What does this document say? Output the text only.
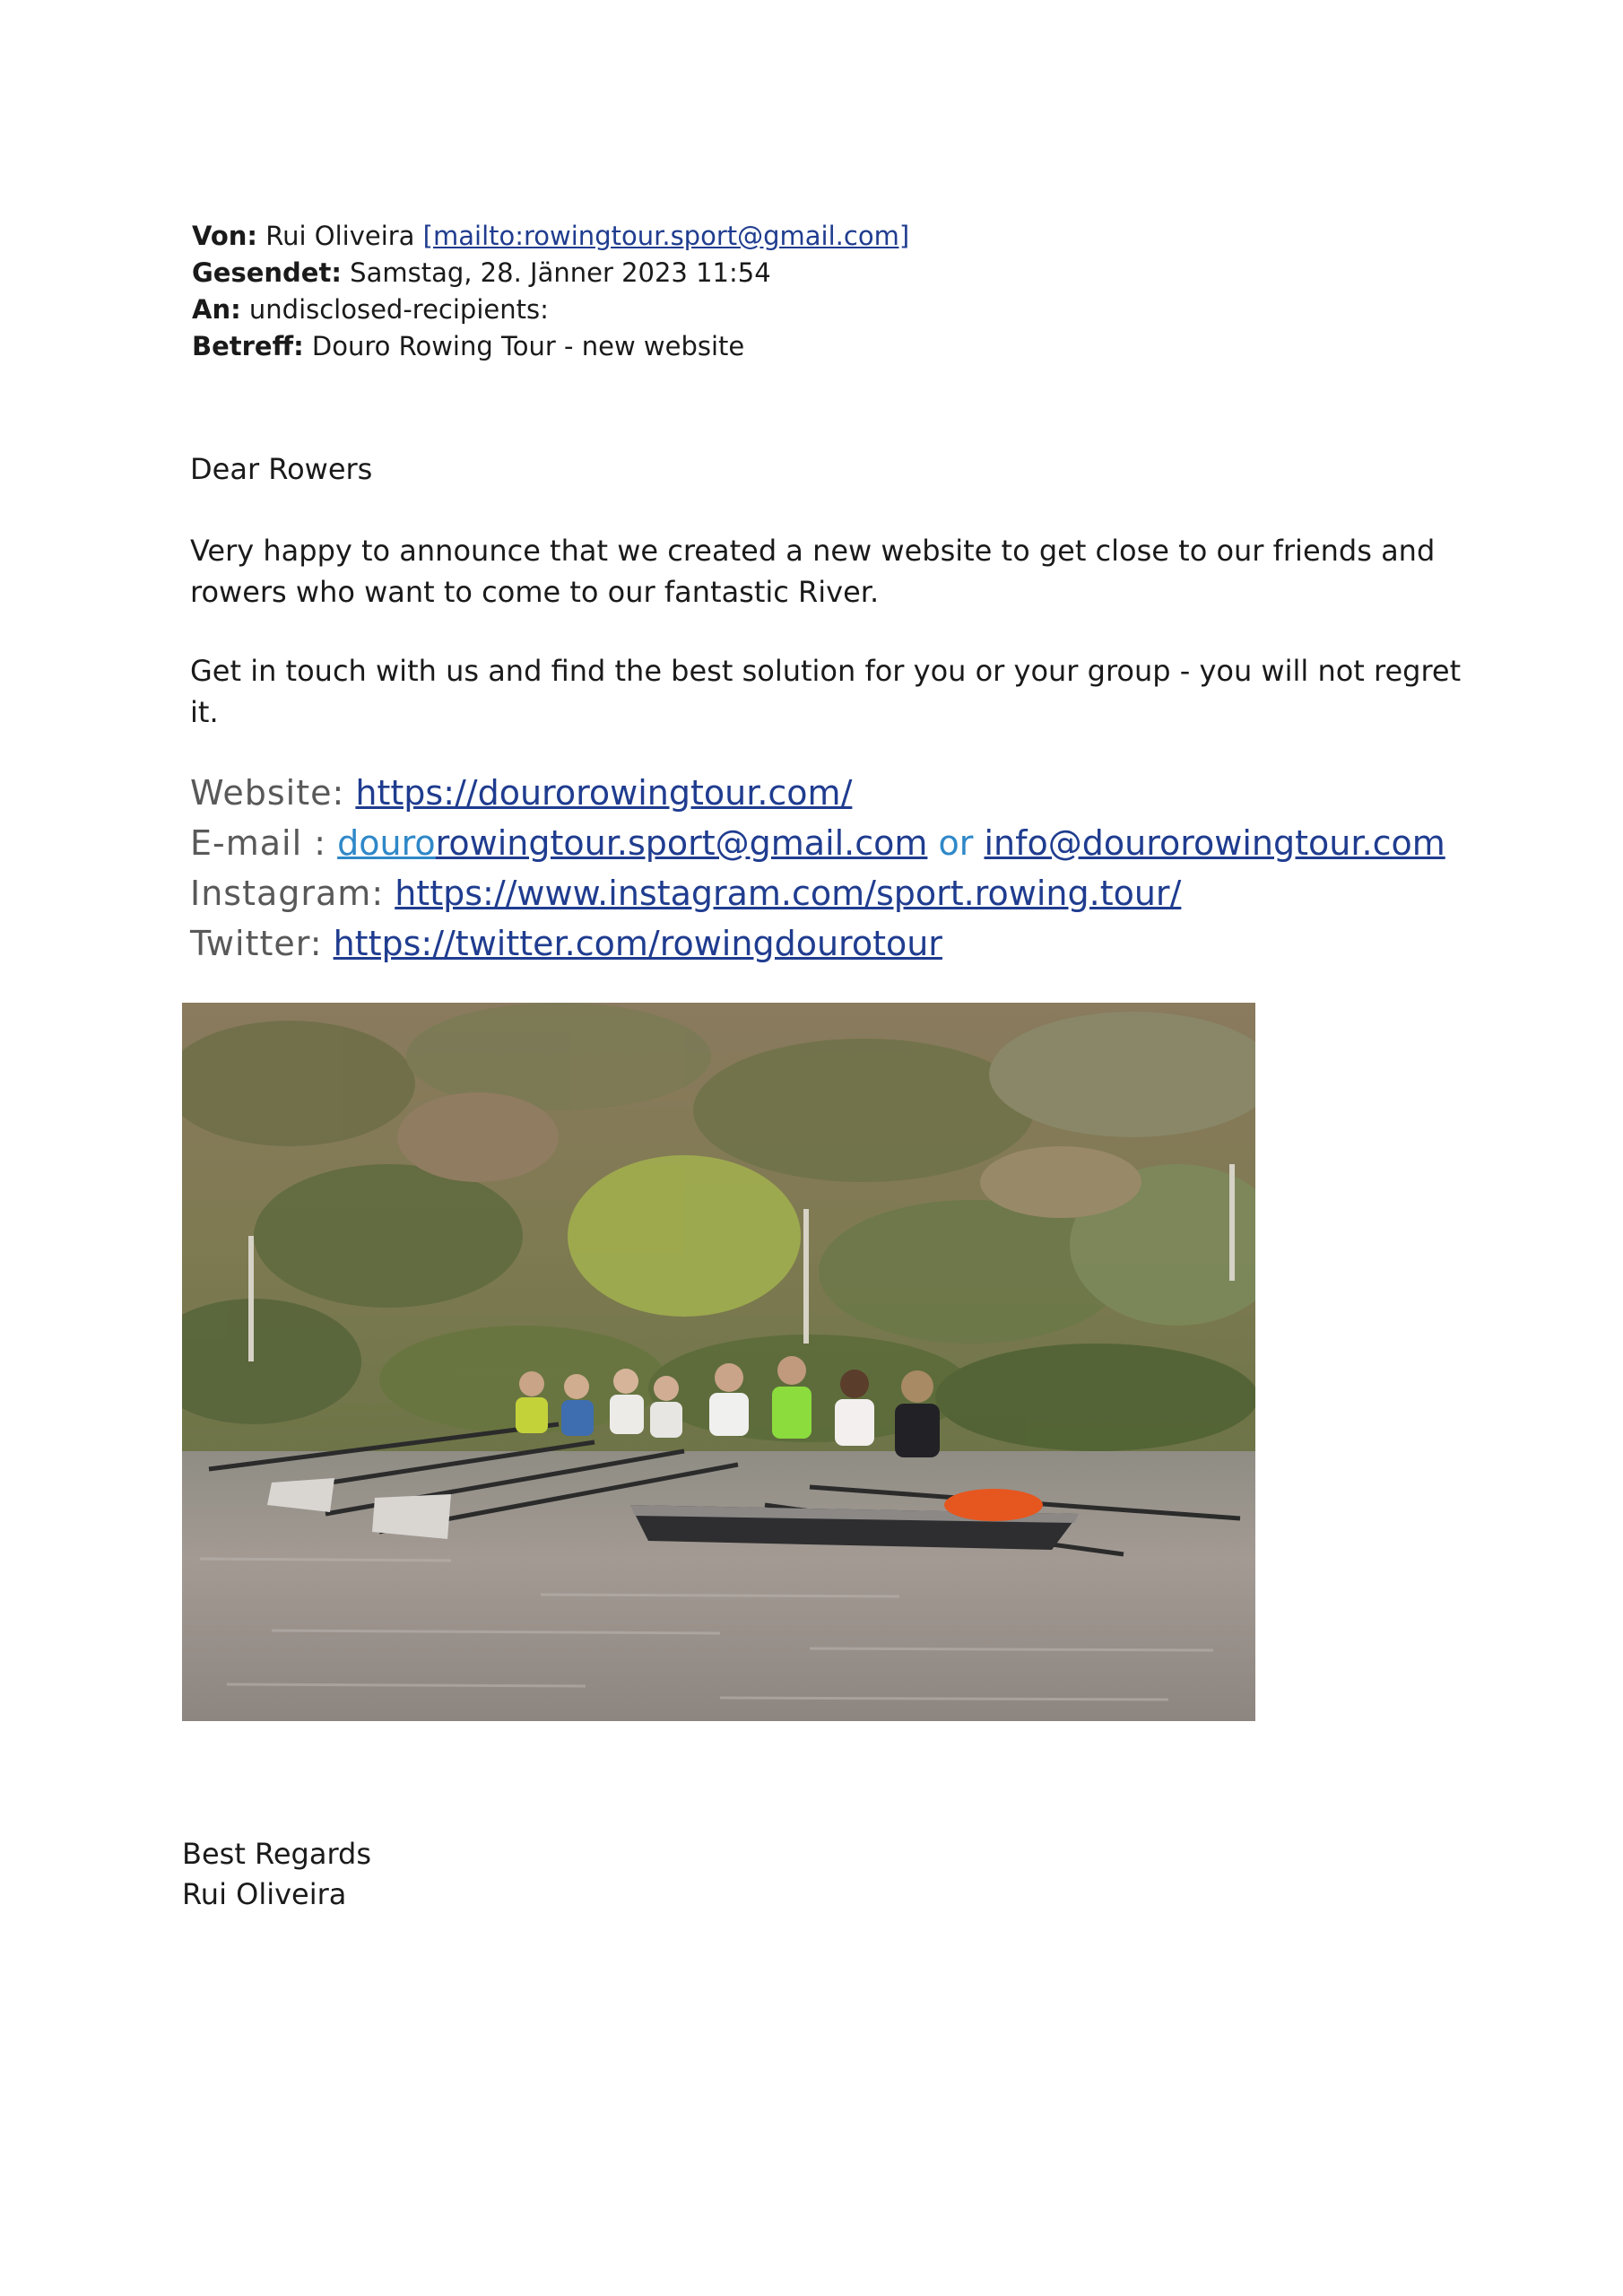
Von: Rui Oliveira [mailto:rowingtour.sport@gmail.com]
Gesendet: Samstag, 28. Jänner 2023 11:54
An: undisclosed-recipients:
Betreff: Douro Rowing Tour - new website
Dear Rowers
Very happy to announce that we created a new website to get close to our friends and rowers who want to come to our fantastic River.
Get in touch with us and find the best solution for you or your group - you will not regret it.
Website: https://dourorowingtour.com/
E-mail : dourorowingtour.sport@gmail.com or info@dourorowingtour.com
Instagram: https://www.instagram.com/sport.rowing.tour/
Twitter: https://twitter.com/rowingdourotour
Best Regards
Rui Oliveira
